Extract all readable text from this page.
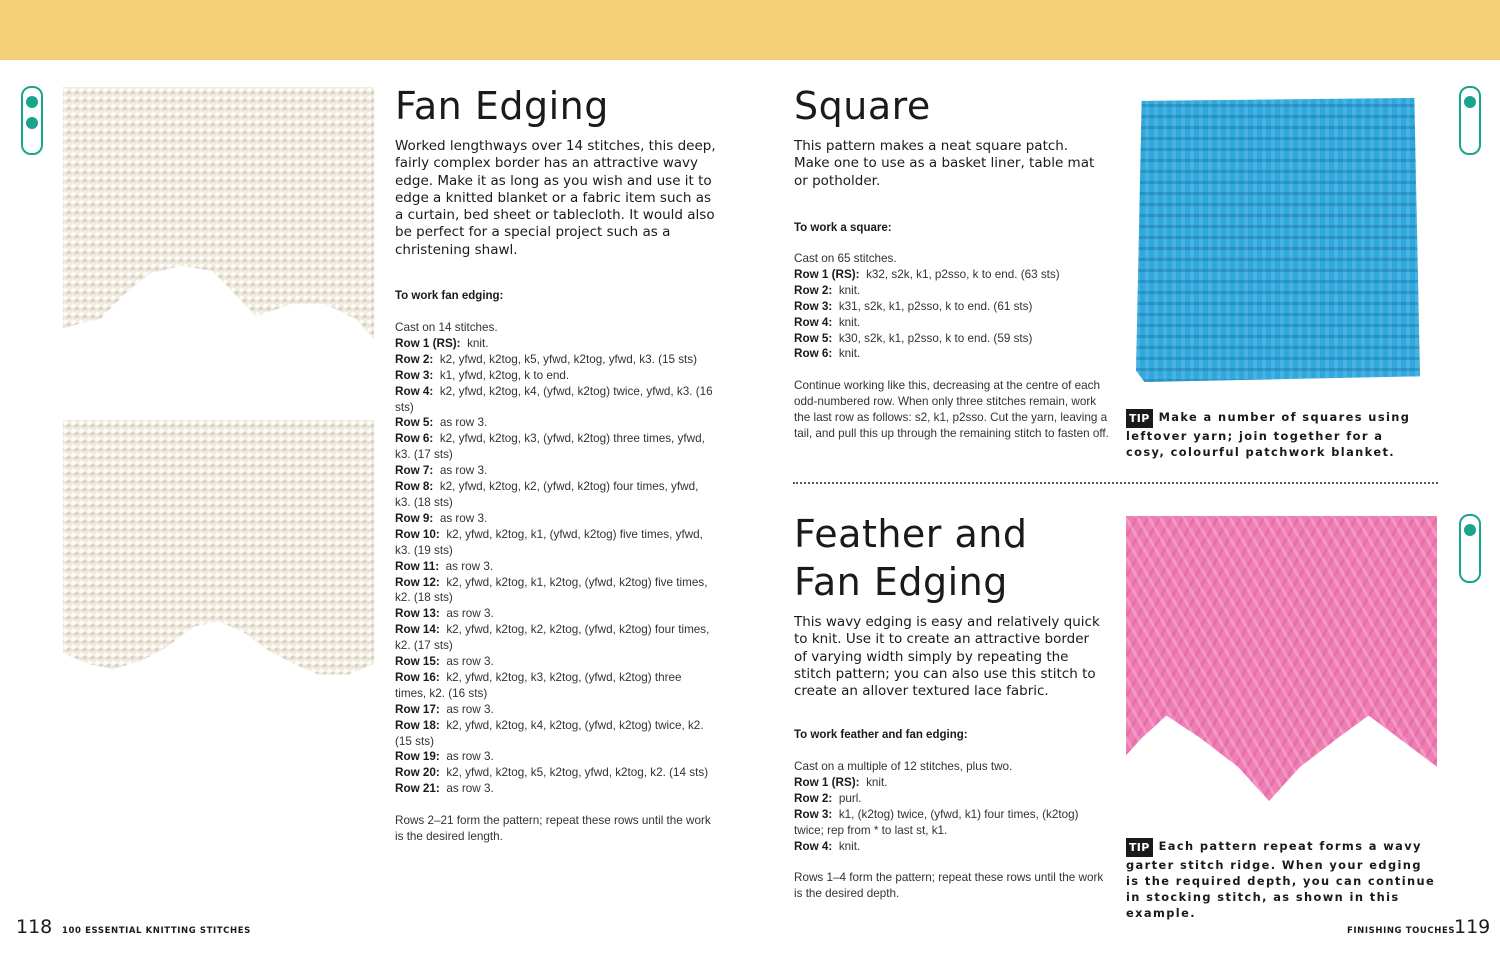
Fan Edging

Worked lengthways over 14 stitches, this deep, fairly complex border has an attractive wavy edge. Make it as long as you wish and use it to edge a knitted blanket or a fabric item such as a curtain, bed sheet or tablecloth. It would also be perfect for a special project such as a christening shawl.

To work fan edging:

Cast on 14 stitches.

Row 1 (RS): knit.

Row 2: k2, yfwd, k2tog, k5, yfwd, k2tog, yfwd, k3. (15 sts)

Row 3: k1, yfwd, k2tog, k to end.

Row 4: k2, yfwd, k2tog, k4, (yfwd, k2tog) twice, yfwd, k3. (16 sts)

Row 5: as row 3.

Row 6: k2, yfwd, k2tog, k3, (yfwd, k2tog) three times, yfwd, k3. (17 sts)

Row 7: as row 3.

Row 8: k2, yfwd, k2tog, k2, (yfwd, k2tog) four times, yfwd, k3. (18 sts)

Row 9: as row 3.

Row 10: k2, yfwd, k2tog, k1, (yfwd, k2tog) five times, yfwd, k3. (19 sts)

Row 11: as row 3.

Row 12: k2, yfwd, k2tog, k1, k2tog, (yfwd, k2tog) five times, k2. (18 sts)

Row 13: as row 3.

Row 14: k2, yfwd, k2tog, k2, k2tog, (yfwd, k2tog) four times, k2. (17 sts)

Row 15: as row 3.

Row 16: k2, yfwd, k2tog, k3, k2tog, (yfwd, k2tog) three times, k2. (16 sts)

Row 17: as row 3.

Row 18: k2, yfwd, k2tog, k4, k2tog, (yfwd, k2tog) twice, k2. (15 sts)

Row 19: as row 3.

Row 20: k2, yfwd, k2tog, k5, k2tog, yfwd, k2tog, k2. (14 sts)

Row 21: as row 3.

Rows 2–21 form the pattern; repeat these rows until the work is the desired length.

Square

This pattern makes a neat square patch. Make one to use as a basket liner, table mat or potholder.

To work a square:

Cast on 65 stitches.

Row 1 (RS): k32, s2k, k1, p2sso, k to end. (63 sts)

Row 2: knit.

Row 3: k31, s2k, k1, p2sso, k to end. (61 sts)

Row 4: knit.

Row 5: k30, s2k, k1, p2sso, k to end. (59 sts)

Row 6: knit.

Continue working like this, decreasing at the centre of each odd-numbered row. When only three stitches remain, work the last row as follows: s2, k1, p2sso. Cut the yarn, leaving a tail, and pull this up through the remaining stitch to fasten off.

TIP Make a number of squares using leftover yarn; join together for a cosy, colourful patchwork blanket.
Feather and
Fan Edging

This wavy edging is easy and relatively quick to knit. Use it to create an attractive border of varying width simply by repeating the stitch pattern; you can also use this stitch to create an allover textured lace fabric.

To work feather and fan edging:

Cast on a multiple of 12 stitches, plus two.

Row 1 (RS): knit.

Row 2: purl.

Row 3: k1, (k2tog) twice, (yfwd, k1) four times, (k2tog) twice; rep from * to last st, k1.

Row 4: knit.

Rows 1–4 form the pattern; repeat these rows until the work is the desired depth.

TIP Each pattern repeat forms a wavy garter stitch ridge. When your edging is the required depth, you can continue in stocking stitch, as shown in this example.
118 100 ESSENTIAL KNITTING STITCHES	FINISHING TOUCHES
119
